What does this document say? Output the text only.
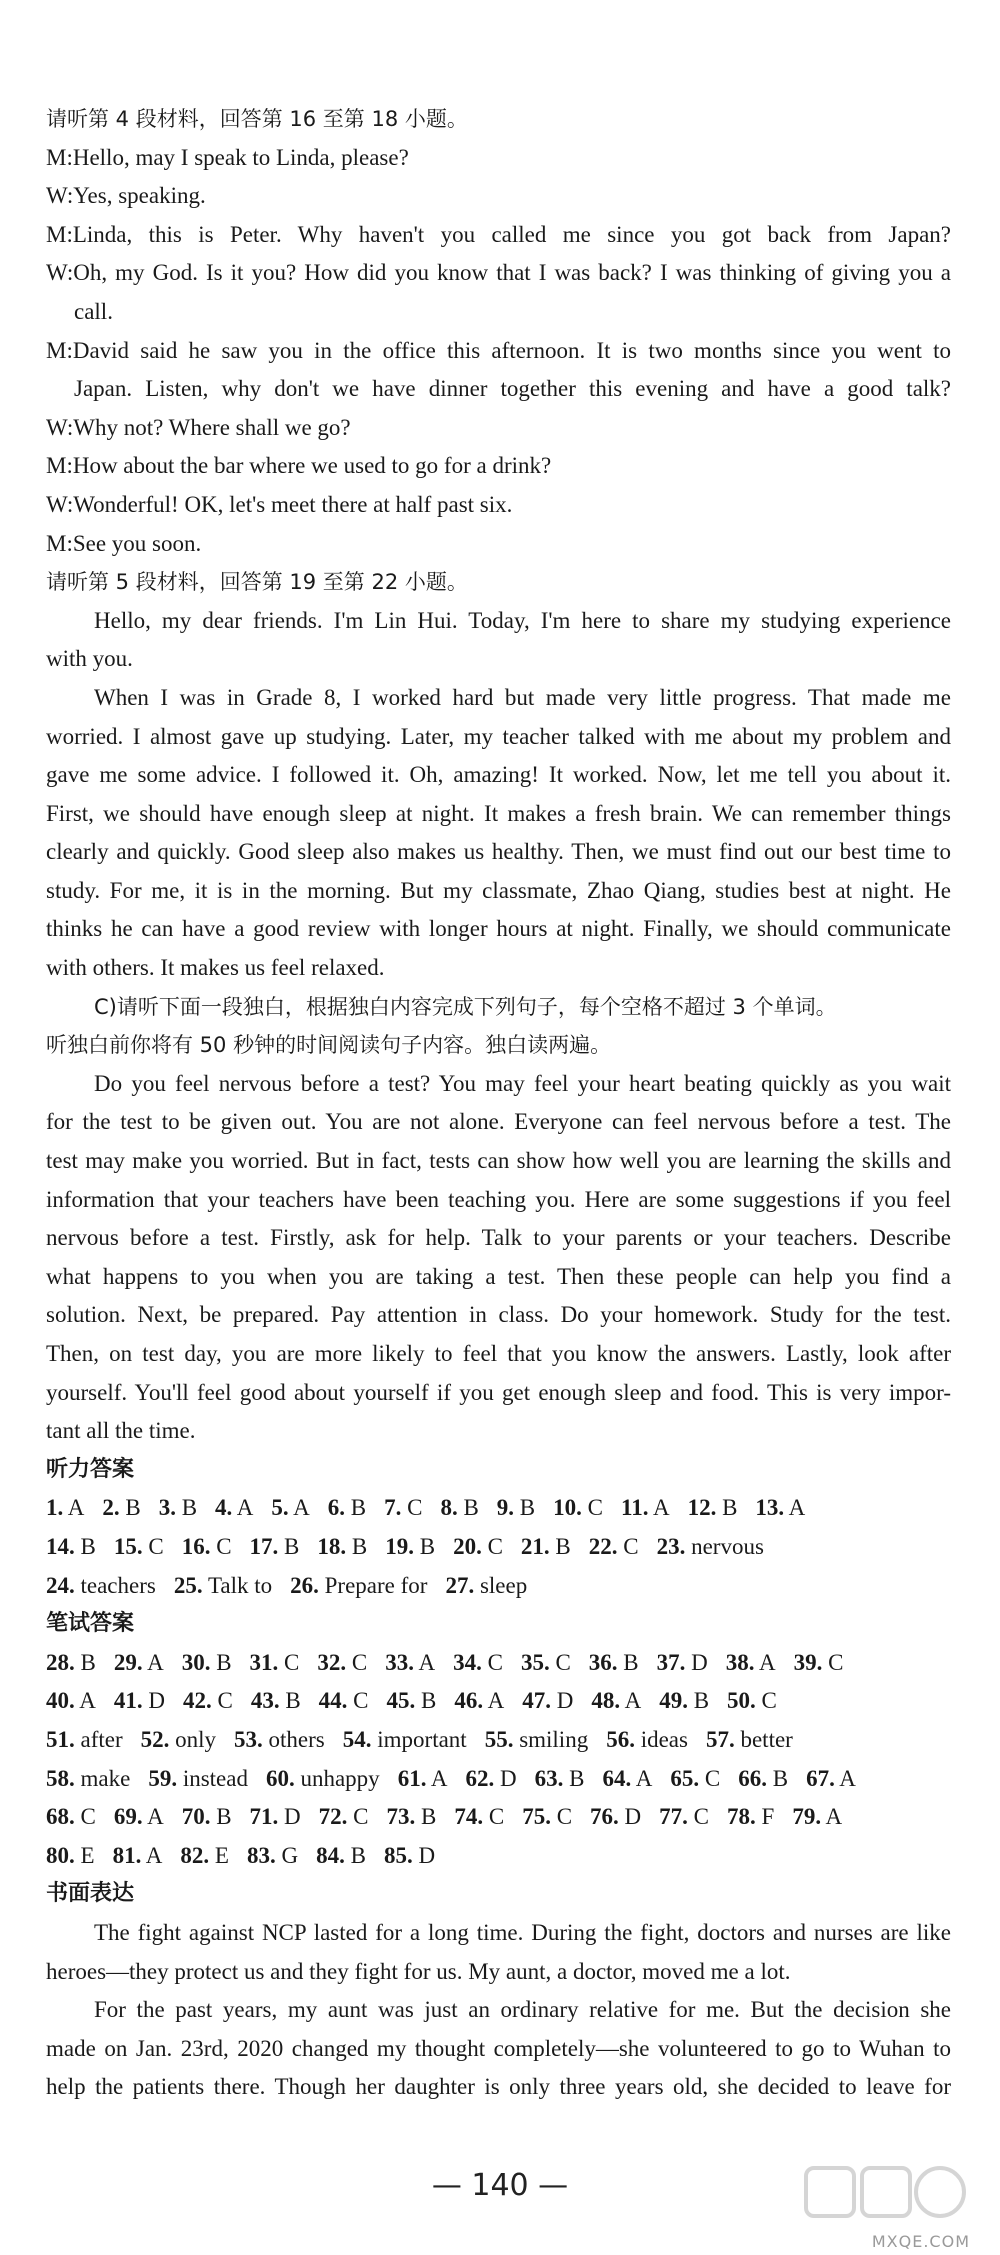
请听第 4 段材料，回答第 16 至第 18 小题。
M:Hello, may I speak to Linda, please?
W:Yes, speaking.
M:Linda, this is Peter. Why haven't you called me since you got back from Japan?
W:Oh, my God. Is it you? How did you know that I was back? I was thinking of giving you a
call.
M:David said he saw you in the office this afternoon. It is two months since you went to
Japan. Listen, why don't we have dinner together this evening and have a good talk?
W:Why not? Where shall we go?
M:How about the bar where we used to go for a drink?
W:Wonderful! OK, let's meet there at half past six.
M:See you soon.
请听第 5 段材料，回答第 19 至第 22 小题。
Hello, my dear friends. I'm Lin Hui. Today, I'm here to share my studying experience
with you.
When I was in Grade 8, I worked hard but made very little progress. That made me
worried. I almost gave up studying. Later, my teacher talked with me about my problem and
gave me some advice. I followed it. Oh, amazing! It worked. Now, let me tell you about it.
First, we should have enough sleep at night. It makes a fresh brain. We can remember things
clearly and quickly. Good sleep also makes us healthy. Then, we must find out our best time to
study. For me, it is in the morning. But my classmate, Zhao Qiang, studies best at night. He
thinks he can have a good review with longer hours at night. Finally, we should communicate
with others. It makes us feel relaxed.
C)请听下面一段独白，根据独白内容完成下列句子，每个空格不超过 3 个单词。
听独白前你将有 50 秒钟的时间阅读句子内容。独白读两遍。
Do you feel nervous before a test? You may feel your heart beating quickly as you wait
for the test to be given out. You are not alone. Everyone can feel nervous before a test. The
test may make you worried. But in fact, tests can show how well you are learning the skills and
information that your teachers have been teaching you. Here are some suggestions if you feel
nervous before a test. Firstly, ask for help. Talk to your parents or your teachers. Describe
what happens to you when you are taking a test. Then these people can help you find a
solution. Next, be prepared. Pay attention in class. Do your homework. Study for the test.
Then, on test day, you are more likely to feel that you know the answers. Lastly, look after
yourself. You'll feel good about yourself if you get enough sleep and food. This is very impor-
tant all the time.
听力答案
1. A 2. B 3. B 4. A 5. A 6. B 7. C 8. B 9. B 10. C 11. A 12. B 13. A
14. B 15. C 16. C 17. B 18. B 19. B 20. C 21. B 22. C 23. nervous
24. teachers 25. Talk to 26. Prepare for 27. sleep
笔试答案
28. B 29. A 30. B 31. C 32. C 33. A 34. C 35. C 36. B 37. D 38. A 39. C
40. A 41. D 42. C 43. B 44. C 45. B 46. A 47. D 48. A 49. B 50. C
51. after 52. only 53. others 54. important 55. smiling 56. ideas 57. better
58. make 59. instead 60. unhappy 61. A 62. D 63. B 64. A 65. C 66. B 67. A
68. C 69. A 70. B 71. D 72. C 73. B 74. C 75. C 76. D 77. C 78. F 79. A
80. E 81. A 82. E 83. G 84. B 85. D
书面表达
The fight against NCP lasted for a long time. During the fight, doctors and nurses are like
heroes—they protect us and they fight for us. My aunt, a doctor, moved me a lot.
For the past years, my aunt was just an ordinary relative for me. But the decision she
made on Jan. 23rd, 2020 changed my thought completely—she volunteered to go to Wuhan to
help the patients there. Though her daughter is only three years old, she decided to leave for
— 140 —
MXQE.COM
